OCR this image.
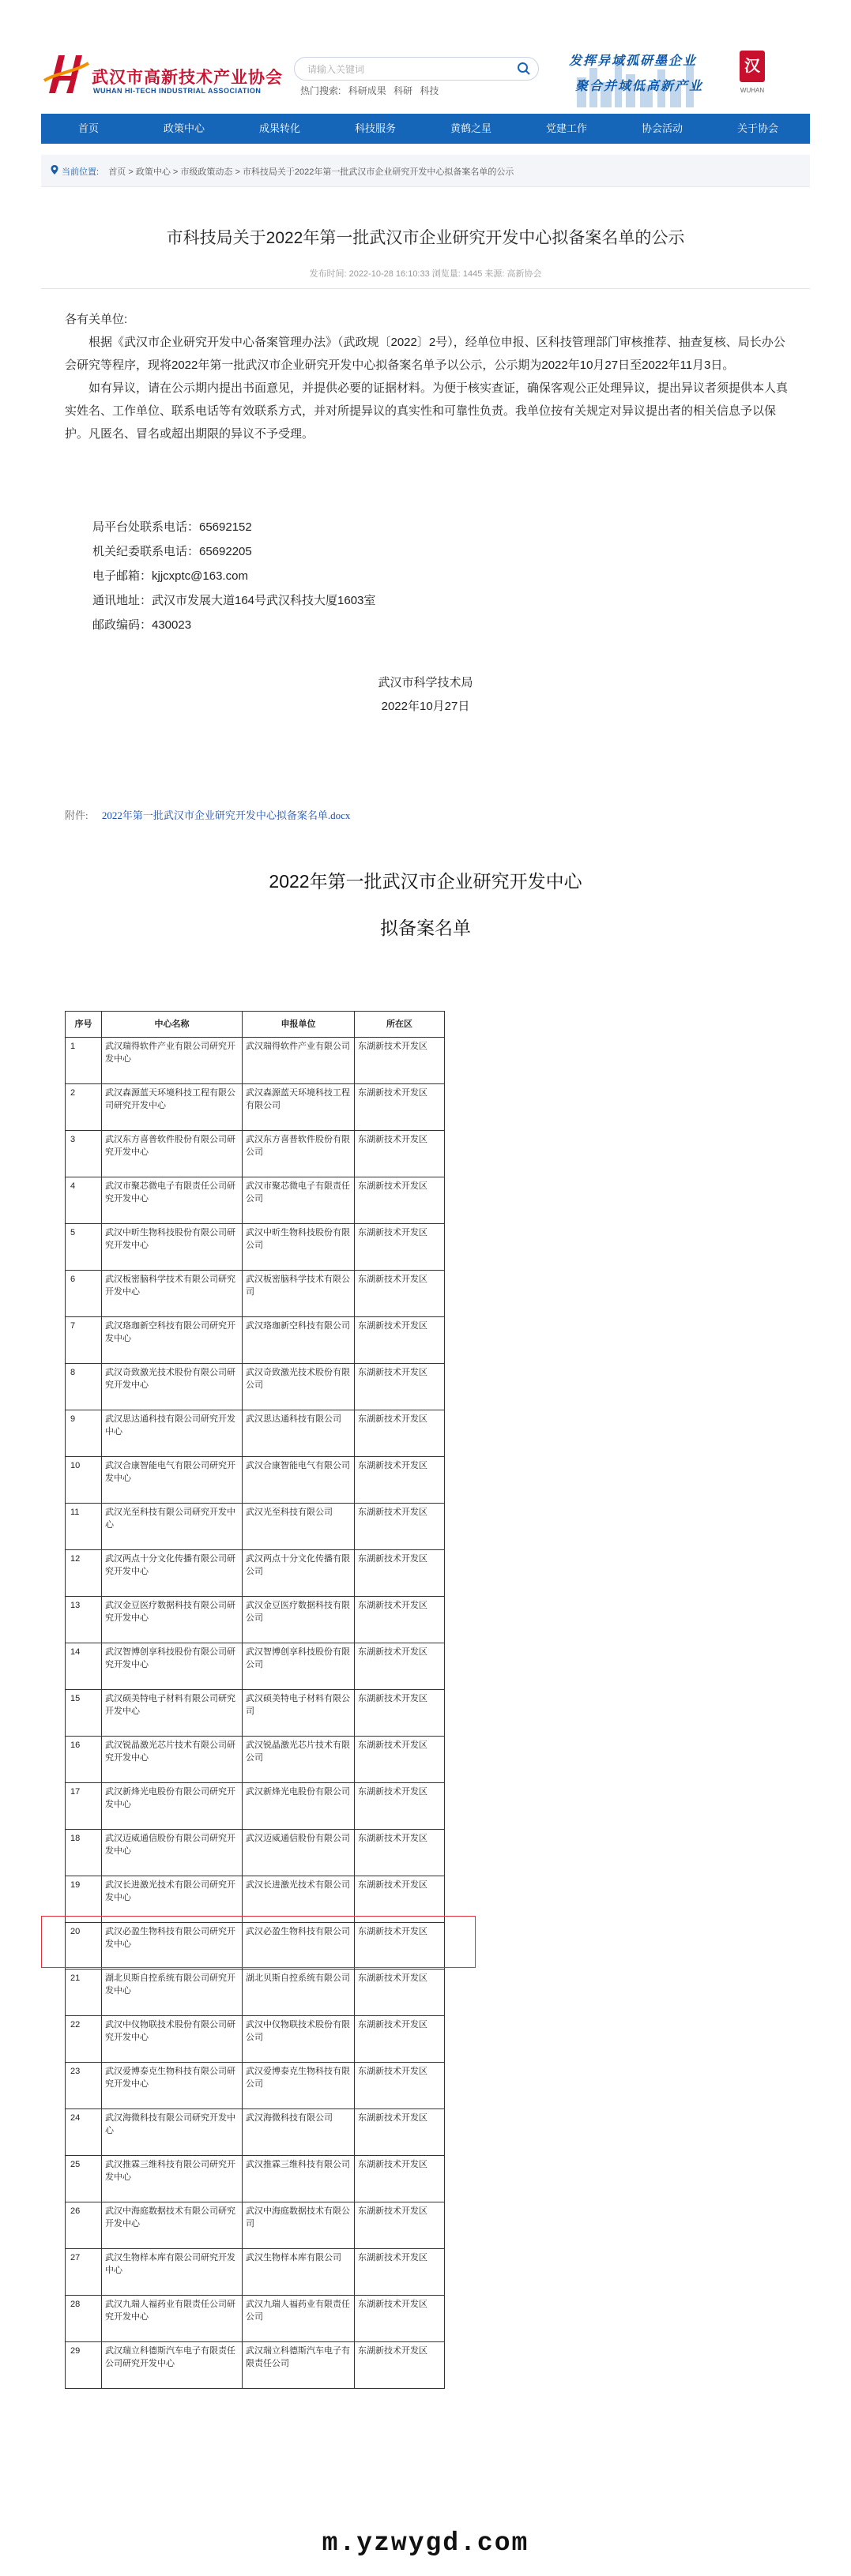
武汉市高新技术产业协会
WUHAN HI-TECH INDUSTRIAL ASSOCIATION
请输入关键词	热门搜索: 科研成果 科研 科技
发挥异域孤研墨企业
聚合并域低高新产业
汉
WUHAN
首页	政策中心	成果转化	科技服务	黄鹤之星	党建工作	协会活动	关于协会
当前位置: 首页 > 政策中心 > 市级政策动态 > 市科技局关于2022年第一批武汉市企业研究开发中心拟备案名单的公示
市科技局关于2022年第一批武汉市企业研究开发中心拟备案名单的公示
发布时间: 2022-10-28 16:10:33 浏览量: 1445 来源: 高新协会

各有关单位:

根据《武汉市企业研究开发中心备案管理办法》（武政规〔2022〕2号），经单位申报、区科技管理部门审核推荐、抽查复核、局长办公会研究等程序，现将2022年第一批武汉市企业研究开发中心拟备案名单予以公示，公示期为2022年10月27日至2022年11月3日。

如有异议，请在公示期内提出书面意见，并提供必要的证据材料。为便于核实查证，确保客观公正处理异议，提出异议者须提供本人真实姓名、工作单位、联系电话等有效联系方式，并对所提异议的真实性和可靠性负责。我单位按有关规定对异议提出者的相关信息予以保护。凡匿名、冒名或超出期限的异议不予受理。

局平台处联系电话：65692152
机关纪委联系电话：65692205
电子邮箱：kjjcxptc@163.com
通讯地址：武汉市发展大道164号武汉科技大厦1603室
邮政编码：430023
武汉市科学技术局
2022年10月27日
附件: 2022年第一批武汉市企业研究开发中心拟备案名单.docx
2022年第一批武汉市企业研究开发中心
拟备案名单
序号	中心名称	申报单位	所在区
1	武汉瑞得软件产业有限公司研究开发中心	武汉瑞得软件产业有限公司	东湖新技术开发区
2	武汉森源蓝天环境科技工程有限公司研究开发中心	武汉森源蓝天环境科技工程有限公司	东湖新技术开发区
3	武汉东方喜普软件股份有限公司研究开发中心	武汉东方喜普软件股份有限公司	东湖新技术开发区
4	武汉市聚芯微电子有限责任公司研究开发中心	武汉市聚芯微电子有限责任公司	东湖新技术开发区
5	武汉中昕生物科技股份有限公司研究开发中心	武汉中昕生物科技股份有限公司	东湖新技术开发区
6	武汉板密脑科学技术有限公司研究开发中心	武汉板密脑科学技术有限公司	东湖新技术开发区
7	武汉珞珈新空科技有限公司研究开发中心	武汉珞珈新空科技有限公司	东湖新技术开发区
8	武汉奇致激光技术股份有限公司研究开发中心	武汉奇致激光技术股份有限公司	东湖新技术开发区
9	武汉思达通科技有限公司研究开发中心	武汉思达通科技有限公司	东湖新技术开发区
10	武汉合康智能电气有限公司研究开发中心	武汉合康智能电气有限公司	东湖新技术开发区
11	武汉光至科技有限公司研究开发中心	武汉光至科技有限公司	东湖新技术开发区
12	武汉两点十分文化传播有限公司研究开发中心	武汉两点十分文化传播有限公司	东湖新技术开发区
13	武汉金豆医疗数据科技有限公司研究开发中心	武汉金豆医疗数据科技有限公司	东湖新技术开发区
14	武汉智博创享科技股份有限公司研究开发中心	武汉智博创享科技股份有限公司	东湖新技术开发区
15	武汉硕美特电子材料有限公司研究开发中心	武汉硕美特电子材料有限公司	东湖新技术开发区
16	武汉锐晶激光芯片技术有限公司研究开发中心	武汉锐晶激光芯片技术有限公司	东湖新技术开发区
17	武汉新烽光电股份有限公司研究开发中心	武汉新烽光电股份有限公司	东湖新技术开发区
18	武汉迈威通信股份有限公司研究开发中心	武汉迈威通信股份有限公司	东湖新技术开发区
19	武汉长进激光技术有限公司研究开发中心	武汉长进激光技术有限公司	东湖新技术开发区
20	武汉必盈生物科技有限公司研究开发中心	武汉必盈生物科技有限公司	东湖新技术开发区
21	湖北贝斯自控系统有限公司研究开发中心	湖北贝斯自控系统有限公司	东湖新技术开发区
22	武汉中仪物联技术股份有限公司研究开发中心	武汉中仪物联技术股份有限公司	东湖新技术开发区
23	武汉爱博泰克生物科技有限公司研究开发中心	武汉爱博泰克生物科技有限公司	东湖新技术开发区
24	武汉海微科技有限公司研究开发中心	武汉海微科技有限公司	东湖新技术开发区
25	武汉推霖三维科技有限公司研究开发中心	武汉推霖三维科技有限公司	东湖新技术开发区
26	武汉中海庭数据技术有限公司研究开发中心	武汉中海庭数据技术有限公司	东湖新技术开发区
27	武汉生物样本库有限公司研究开发中心	武汉生物样本库有限公司	东湖新技术开发区
28	武汉九瑞人福药业有限责任公司研究开发中心	武汉九瑞人福药业有限责任公司	东湖新技术开发区
29	武汉瑞立科德斯汽车电子有限责任公司研究开发中心	武汉瑞立科德斯汽车电子有限责任公司	东湖新技术开发区
m.yzwygd.com
